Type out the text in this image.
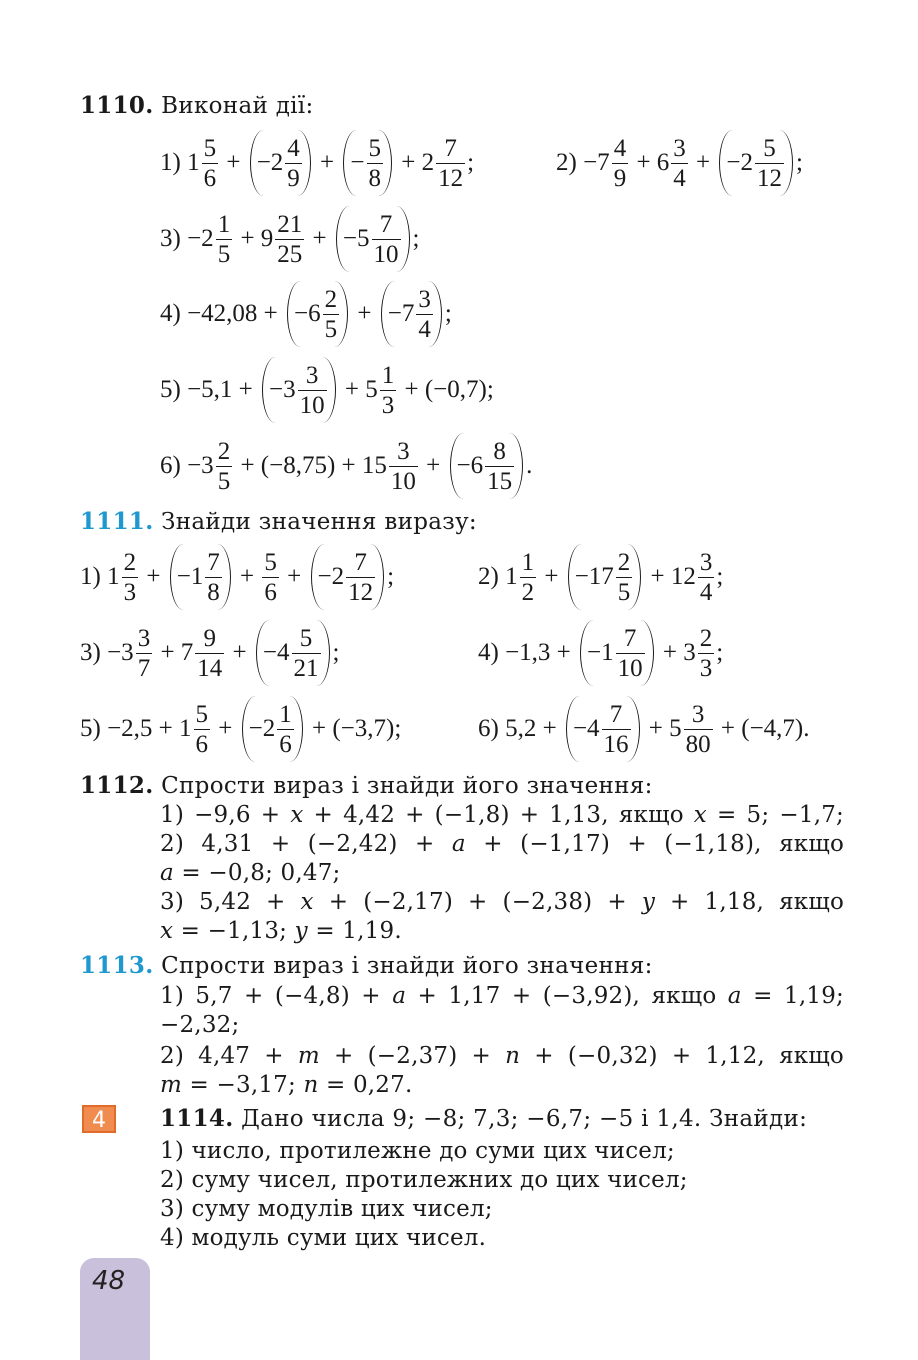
1110. Виконай дії:
1) $1 \frac{5}{6} + -2 \frac{4}{9}$ + − $\frac{5}{8} + 2 \frac{7}{12}$ ;	$2) -7 \frac{4}{9} + 6 \frac{3}{4} + -2 \frac{5}{12}$ ;
$3) -2 \frac{1}{5} + 9 \frac{21}{25} + -5 \frac{7}{10}$ ;
$4) -42,08 + -6 \frac{2}{5} + -7 \frac{3}{4}$ ;
$5) -5,1 + -3 \frac{3}{10} + 5 \frac{1}{3} + (-0,7)$;
$6) -3 \frac{2}{5} + (-8,75) + 15 \frac{3}{10} + -6 \frac{8}{15}$ .
1111. Знайди значення виразу:
1) $1 \frac{2}{3} + -1 \frac{7}{8} + \frac{5}{6} + -2 \frac{7}{12}$ ;	2) $1 \frac{1}{2} + -17 \frac{2}{5} + 12 \frac{3}{4}$ ;
$3) -3 \frac{3}{7} + 7 \frac{9}{14} + -4 \frac{5}{21}$ ;	$4) -1,3 + -1 \frac{7}{10} + 3 \frac{2}{3}$ ;
$5) -2,5 + 1 \frac{5}{6} + -2 \frac{1}{6} + (-3,7)$;	6) $5,2 + -4 \frac{7}{16} + 5 \frac{3}{80} + (-4,7)$.
1112. Спрости вираз і знайди його значення:
1) −9,6 + x + 4,42 + (−1,8) + 1,13, якщо x = 5; −1,7;
2) 4,31 + (−2,42) + a + (−1,17) + (−1,18), якщо
a = −0,8; 0,47;
3) 5,42 + x + (−2,17) + (−2,38) + y + 1,18, якщо
x = −1,13; y = 1,19.
1113. Спрости вираз і знайди його значення:
1) 5,7 + (−4,8) + a + 1,17 + (−3,92), якщо a = 1,19;
−2,32;
2) 4,47 + m + (−2,37) + n + (−0,32) + 1,12, якщо
m = −3,17; n = 0,27.
4	1114. Дано числа 9; −8; 7,3; −6,7; −5 і 1,4. Знайди:
1) число, протилежне до суми цих чисел;
2) суму чисел, протилежних до цих чисел;
3) суму модулів цих чисел;
4) модуль суми цих чисел.
48
